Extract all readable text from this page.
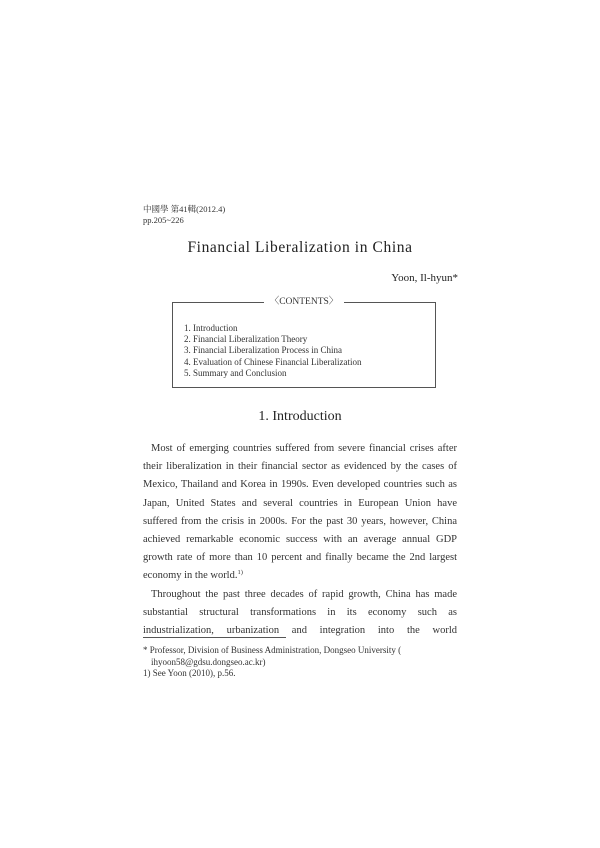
中國學 第41輯(2012.4)
pp.205~226
Financial Liberalization in China
Yoon, Il-hyun*
〈CONTENTS〉
1. Introduction
2. Financial Liberalization Theory
3. Financial Liberalization Process in China
4. Evaluation of Chinese Financial Liberalization
5. Summary and Conclusion
1. Introduction

Most of emerging countries suffered from severe financial crises after their liberalization in their financial sector as evidenced by the cases of Mexico, Thailand and Korea in 1990s. Even developed countries such as Japan, United States and several countries in European Union have suffered from the crisis in 2000s. For the past 30 years, however, China achieved remarkable economic success with an average annual GDP growth rate of more than 10 percent and finally became the 2nd largest economy in the world.$^{1)}$

Throughout the past three decades of rapid growth, China has made substantial structural transformations in its economy such as industrialization, urbanization and integration into the world

* Professor, Division of Business Administration, Dongseo University (
ihyoon58@gdsu.dongseo.ac.kr)
1) See Yoon (2010), p.56.
